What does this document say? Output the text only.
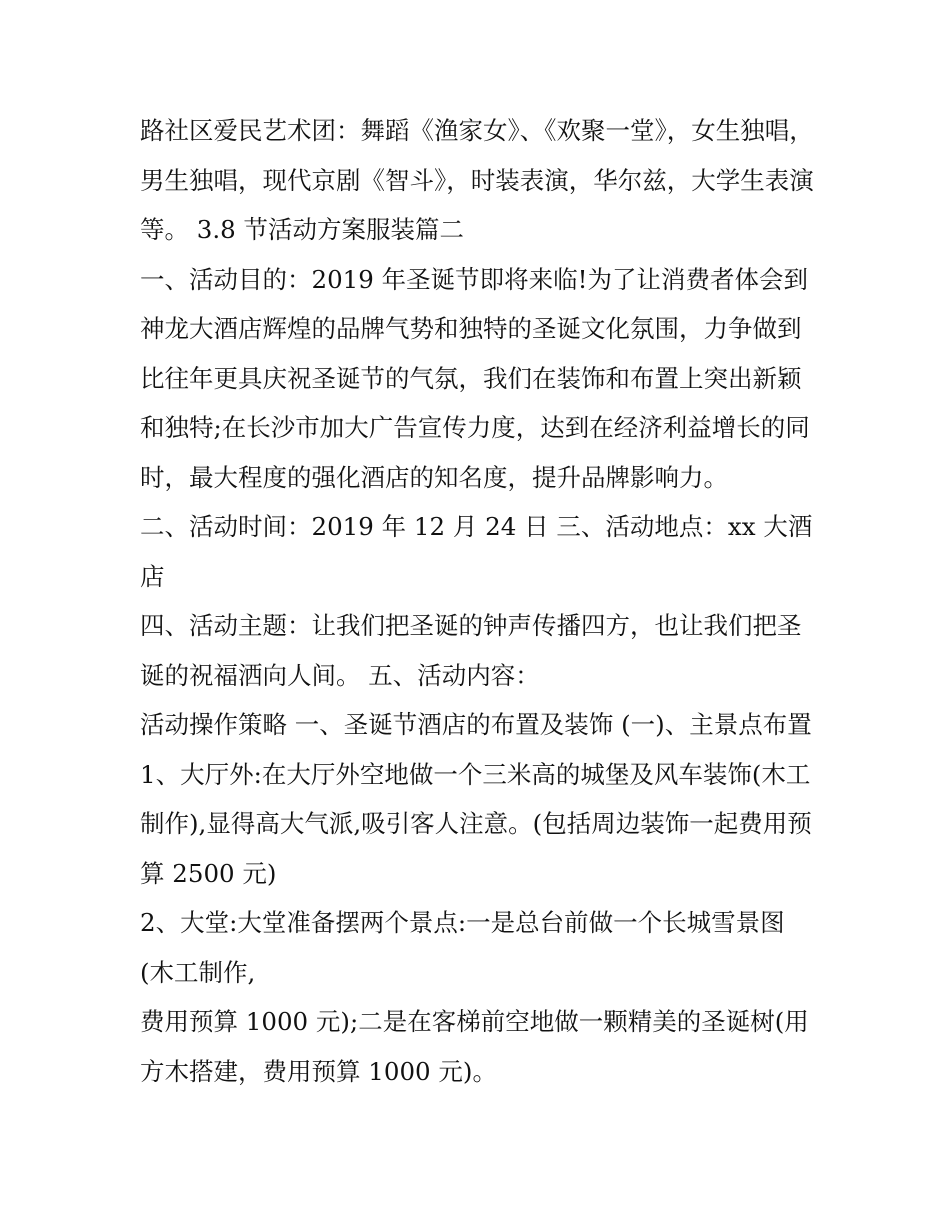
路社区爱民艺术团：舞蹈《渔家女》、《欢聚一堂》，女生独唱，男生独唱，现代京剧《智斗》，时装表演，华尔兹，大学生表演等。 3.8 节活动方案服装篇二

一、活动目的：2019 年圣诞节即将来临!为了让消费者体会到神龙大酒店辉煌的品牌气势和独特的圣诞文化氛围，力争做到比往年更具庆祝圣诞节的气氛，我们在装饰和布置上突出新颖和独特;在长沙市加大广告宣传力度，达到在经济利益增长的同时，最大程度的强化酒店的知名度，提升品牌影响力。

二、活动时间：2019 年 12 月 24 日 三、活动地点：xx 大酒店

四、活动主题：让我们把圣诞的钟声传播四方，也让我们把圣诞的祝福洒向人间。 五、活动内容：

活动操作策略 一、圣诞节酒店的布置及装饰 (一)、主景点布置

1、大厅外:在大厅外空地做一个三米高的城堡及风车装饰(木工制作),显得高大气派,吸引客人注意。(包括周边装饰一起费用预算 2500 元)

2、大堂:大堂准备摆两个景点:一是总台前做一个长城雪景图

(木工制作,

费用预算 1000 元);二是在客梯前空地做一颗精美的圣诞树(用方木搭建，费用预算 1000 元)。
